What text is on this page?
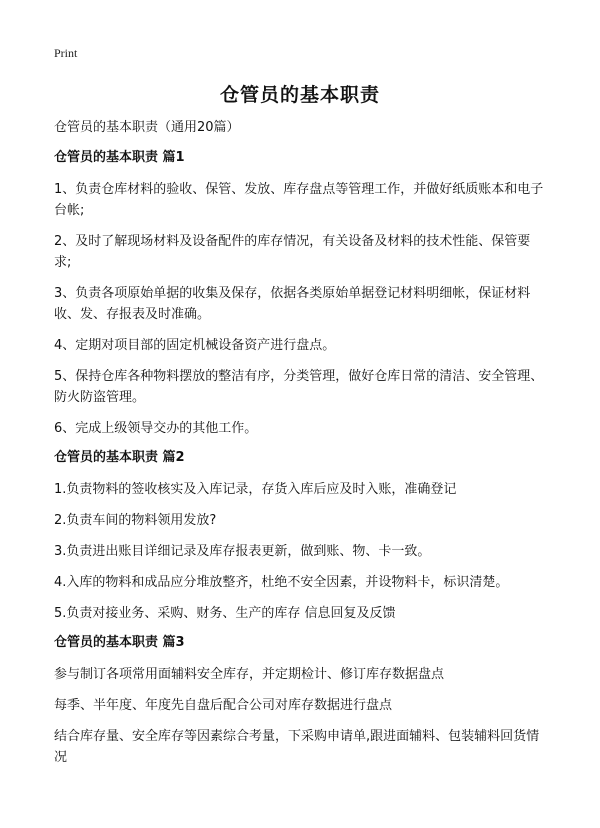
Print
仓管员的基本职责
仓管员的基本职责（通用20篇）
仓管员的基本职责 篇1
1、负责仓库材料的验收、保管、发放、库存盘点等管理工作，并做好纸质账本和电子台帐;
2、及时了解现场材料及设备配件的库存情况，有关设备及材料的技术性能、保管要求;
3、负责各项原始单据的收集及保存，依据各类原始单据登记材料明细帐，保证材料收、发、存报表及时准确。
4、定期对项目部的固定机械设备资产进行盘点。
5、保持仓库各种物料摆放的整洁有序，分类管理，做好仓库日常的清洁、安全管理、防火防盗管理。
6、完成上级领导交办的其他工作。
仓管员的基本职责 篇2
1.负责物料的签收核实及入库记录，存货入库后应及时入账，准确登记
2.负责车间的物料领用发放?
3.负责进出账目详细记录及库存报表更新，做到账、物、卡一致。
4.入库的物料和成品应分堆放整齐，杜绝不安全因素，并设物料卡，标识清楚。
5.负责对接业务、采购、财务、生产的库存 信息回复及反馈
仓管员的基本职责 篇3
参与制订各项常用面辅料安全库存，并定期检计、修订库存数据盘点
每季、半年度、年度先自盘后配合公司对库存数据进行盘点
结合库存量、安全库存等因素综合考量，下采购申请单,跟进面辅料、包装辅料回货情况
